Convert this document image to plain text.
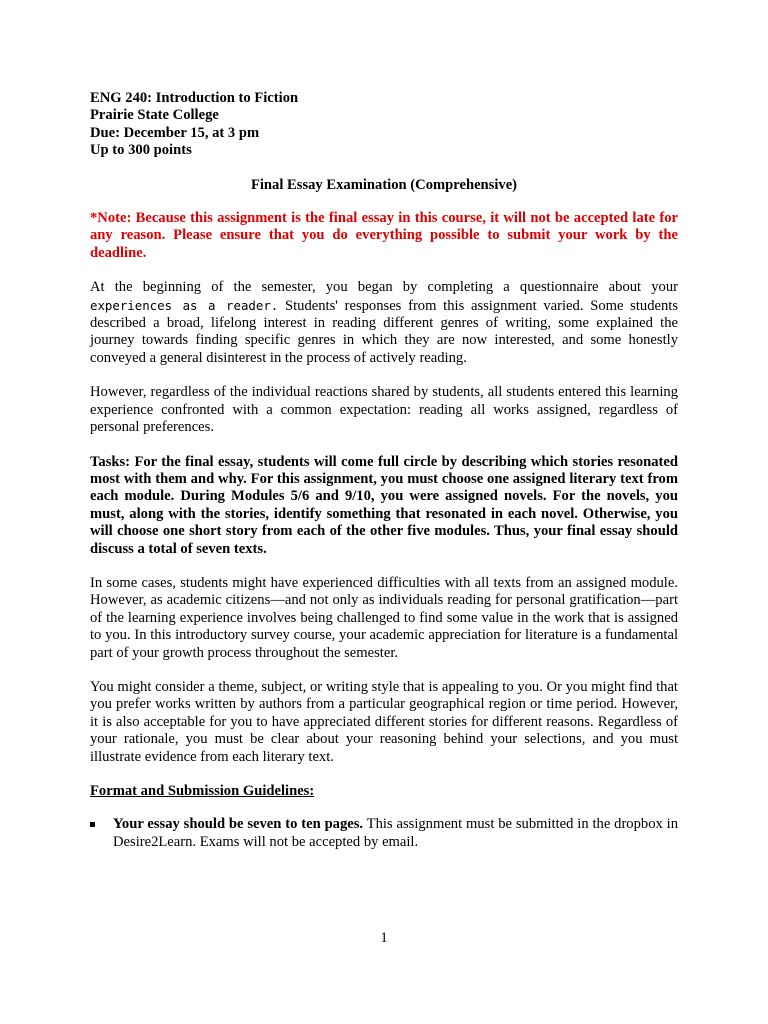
ENG 240: Introduction to Fiction
Prairie State College
Due: December 15, at 3 pm
Up to 300 points
Final Essay Examination (Comprehensive)

*Note: Because this assignment is the final essay in this course, it will not be accepted late for any reason. Please ensure that you do everything possible to submit your work by the deadline.

At the beginning of the semester, you began by completing a questionnaire about your experiences as a reader. Students' responses from this assignment varied. Some students described a broad, lifelong interest in reading different genres of writing, some explained the journey towards finding specific genres in which they are now interested, and some honestly conveyed a general disinterest in the process of actively reading.

However, regardless of the individual reactions shared by students, all students entered this learning experience confronted with a common expectation: reading all works assigned, regardless of personal preferences.

Tasks: For the final essay, students will come full circle by describing which stories resonated most with them and why. For this assignment, you must choose one assigned literary text from each module. During Modules 5/6 and 9/10, you were assigned novels. For the novels, you must, along with the stories, identify something that resonated in each novel. Otherwise, you will choose one short story from each of the other five modules. Thus, your final essay should discuss a total of seven texts.

In some cases, students might have experienced difficulties with all texts from an assigned module. However, as academic citizens—and not only as individuals reading for personal gratification—part of the learning experience involves being challenged to find some value in the work that is assigned to you. In this introductory survey course, your academic appreciation for literature is a fundamental part of your growth process throughout the semester.

You might consider a theme, subject, or writing style that is appealing to you. Or you might find that you prefer works written by authors from a particular geographical region or time period. However, it is also acceptable for you to have appreciated different stories for different reasons. Regardless of your rationale, you must be clear about your reasoning behind your selections, and you must illustrate evidence from each literary text.

Format and Submission Guidelines:
Your essay should be seven to ten pages. This assignment must be submitted in the dropbox in Desire2Learn. Exams will not be accepted by email.
1
